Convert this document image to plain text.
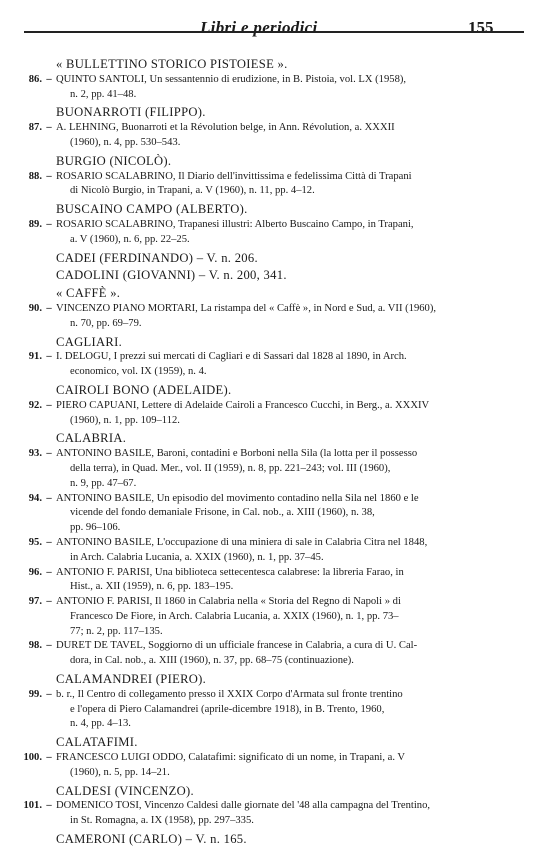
Libri e periodici	155
« BULLETTINO STORICO PISTOIESE ».
86. – QUINTO SANTOLI, Un sessantennio di erudizione, in B. Pistoia, vol. LX (1958),
n. 2, pp. 41–48.
BUONARROTI (FILIPPO).
87. – A. LEHNING, Buonarroti et la Révolution belge, in Ann. Révolution, a. XXXII
(1960), n. 4, pp. 530–543.
BURGIO (NICOLÒ).
88. – ROSARIO SCALABRINO, Il Diario dell'invittissima e fedelissima Città di Trapani
di Nicolò Burgio, in Trapani, a. V (1960), n. 11, pp. 4–12.
BUSCAINO CAMPO (ALBERTO).
89. – ROSARIO SCALABRINO, Trapanesi illustri: Alberto Buscaino Campo, in Trapani,
a. V (1960), n. 6, pp. 22–25.
CADEI (FERDINANDO) – V. n. 206.
CADOLINI (GIOVANNI) – V. n. 200, 341.
« CAFFÈ ».
90. – VINCENZO PIANO MORTARI, La ristampa del « Caffè », in Nord e Sud, a. VII (1960),
n. 70, pp. 69–79.
CAGLIARI.
91. – I. DELOGU, I prezzi sui mercati di Cagliari e di Sassari dal 1828 al 1890, in Arch.
economico, vol. IX (1959), n. 4.
CAIROLI BONO (ADELAIDE).
92. – PIERO CAPUANI, Lettere di Adelaide Cairoli a Francesco Cucchi, in Berg., a. XXXIV
(1960), n. 1, pp. 109–112.
CALABRIA.
93. – ANTONINO BASILE, Baroni, contadini e Borboni nella Sila (la lotta per il possesso
della terra), in Quad. Mer., vol. II (1959), n. 8, pp. 221–243; vol. III (1960),
n. 9, pp. 47–67.
94. – ANTONINO BASILE, Un episodio del movimento contadino nella Sila nel 1860 e le
vicende del fondo demaniale Frisone, in Cal. nob., a. XIII (1960), n. 38,
pp. 96–106.
95. – ANTONINO BASILE, L'occupazione di una miniera di sale in Calabria Citra nel 1848,
in Arch. Calabria Lucania, a. XXIX (1960), n. 1, pp. 37–45.
96. – ANTONIO F. PARISI, Una biblioteca settecentesca calabrese: la libreria Farao, in
Hist., a. XII (1959), n. 6, pp. 183–195.
97. – ANTONIO F. PARISI, Il 1860 in Calabria nella « Storia del Regno di Napoli » di
Francesco De Fiore, in Arch. Calabria Lucania, a. XXIX (1960), n. 1, pp. 73–
77; n. 2, pp. 117–135.
98. – DURET DE TAVEL, Soggiorno di un ufficiale francese in Calabria, a cura di U. Cal-
dora, in Cal. nob., a. XIII (1960), n. 37, pp. 68–75 (continuazione).
CALAMANDREI (PIERO).
99. – b. r., Il Centro di collegamento presso il XXIX Corpo d'Armata sul fronte trentino
e l'opera di Piero Calamandrei (aprile-dicembre 1918), in B. Trento, 1960,
n. 4, pp. 4–13.
CALATAFIMI.
100. – FRANCESCO LUIGI ODDO, Calatafimi: significato di un nome, in Trapani, a. V
(1960), n. 5, pp. 14–21.
CALDESI (VINCENZO).
101. – DOMENICO TOSI, Vincenzo Caldesi dalle giornate del '48 alla campagna del Trentino,
in St. Romagna, a. IX (1958), pp. 297–335.
CAMERONI (CARLO) – V. n. 165.
